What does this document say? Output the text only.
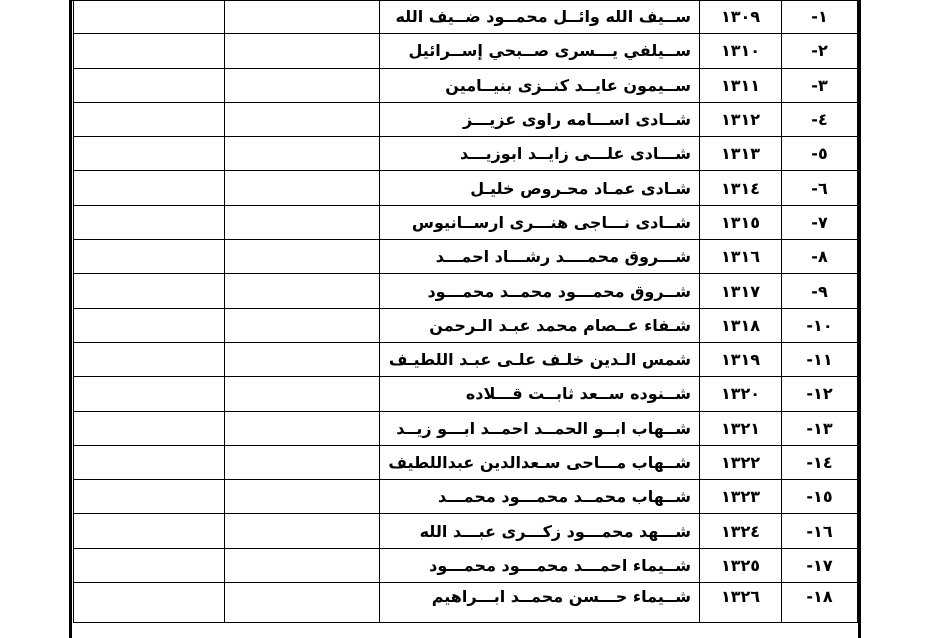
		ســيف الله وائــل محمــود ضــيف الله	١٣٠٩	١-
		ســيلفي يـــسرى صــبحي إســرائيل	١٣١٠	٢-
		ســيمون عايــد كنــزى بنيــامين	١٣١١	٣-
		شــادى اســـامه راوى عزيـــز	١٣١٢	٤-
		شـــادى علـــى زايــد ابوزيـــد	١٣١٣	٥-
		شـادى عمـاد محـروص خليـل	١٣١٤	٦-
		شــادى نـــاجى هنـــرى ارســانيوس	١٣١٥	٧-
		شـــروق محمــــد رشـــاد احمـــد	١٣١٦	٨-
		شــروق محمـــود محمــد محمـــود	١٣١٧	٩-
		شـفاء عــصام محمد عبـد الـرحمن	١٣١٨	١٠-
		شمس الـدين خلـف علـى عبـد اللطيـف	١٣١٩	١١-
		شــنوده ســعد ثابــت قـــلاده	١٣٢٠	١٢-
		شــهاب ابــو الحمــد احمــد ابـــو زيــد	١٣٢١	١٣-
		شــهاب مـــاحى سـعدالدين عبداللطيف	١٣٢٢	١٤-
		شــهاب محمــد محمـــود محمـــد	١٣٢٣	١٥-
		شـــهد محمـــود زكـــرى عبـــد الله	١٣٢٤	١٦-
		شــيماء احمـــد محمـــود محمـــود	١٣٢٥	١٧-
		شــيماء حـــسن محمــد ابـــراهيم	١٣٢٦	١٨-
